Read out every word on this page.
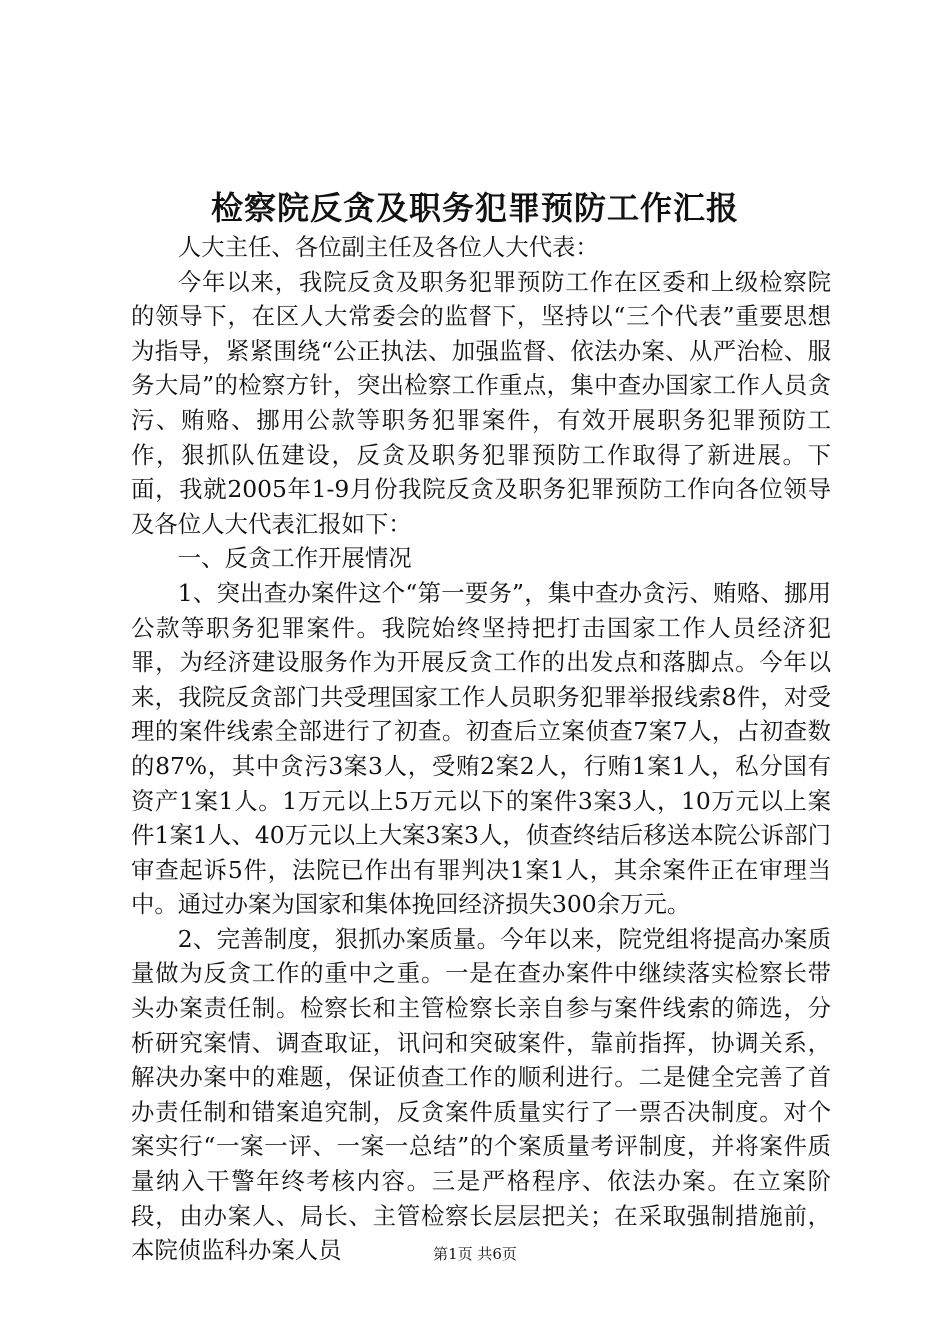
检察院反贪及职务犯罪预防工作汇报

人大主任、各位副主任及各位人大代表：

今年以来，我院反贪及职务犯罪预防工作在区委和上级检察院的领导下，在区人大常委会的监督下，坚持以“三个代表”重要思想为指导，紧紧围绕“公正执法、加强监督、依法办案、从严治检、服务大局”的检察方针，突出检察工作重点，集中查办国家工作人员贪污、贿赂、挪用公款等职务犯罪案件，有效开展职务犯罪预防工作，狠抓队伍建设，反贪及职务犯罪预防工作取得了新进展。下面，我就2005年1-9月份我院反贪及职务犯罪预防工作向各位领导及各位人大代表汇报如下：

一、反贪工作开展情况

1、突出查办案件这个“第一要务”，集中查办贪污、贿赂、挪用公款等职务犯罪案件。我院始终坚持把打击国家工作人员经济犯罪，为经济建设服务作为开展反贪工作的出发点和落脚点。今年以来，我院反贪部门共受理国家工作人员职务犯罪举报线索8件，对受理的案件线索全部进行了初查。初查后立案侦查7案7人，占初查数的87%，其中贪污3案3人，受贿2案2人，行贿1案1人，私分国有资产1案1人。1万元以上5万元以下的案件3案3人，10万元以上案件1案1人、40万元以上大案3案3人，侦查终结后移送本院公诉部门审查起诉5件，法院已作出有罪判决1案1人，其余案件正在审理当中。通过办案为国家和集体挽回经济损失300余万元。

2、完善制度，狠抓办案质量。今年以来，院党组将提高办案质量做为反贪工作的重中之重。一是在查办案件中继续落实检察长带头办案责任制。检察长和主管检察长亲自参与案件线索的筛选，分析研究案情、调查取证，讯问和突破案件，靠前指挥，协调关系，解决办案中的难题，保证侦查工作的顺利进行。二是健全完善了首办责任制和错案追究制，反贪案件质量实行了一票否决制度。对个案实行“一案一评、一案一总结”的个案质量考评制度，并将案件质量纳入干警年终考核内容。三是严格程序、依法办案。在立案阶段，由办案人、局长、主管检察长层层把关；在采取强制措施前，本院侦监科办案人员	第1页 共6页
